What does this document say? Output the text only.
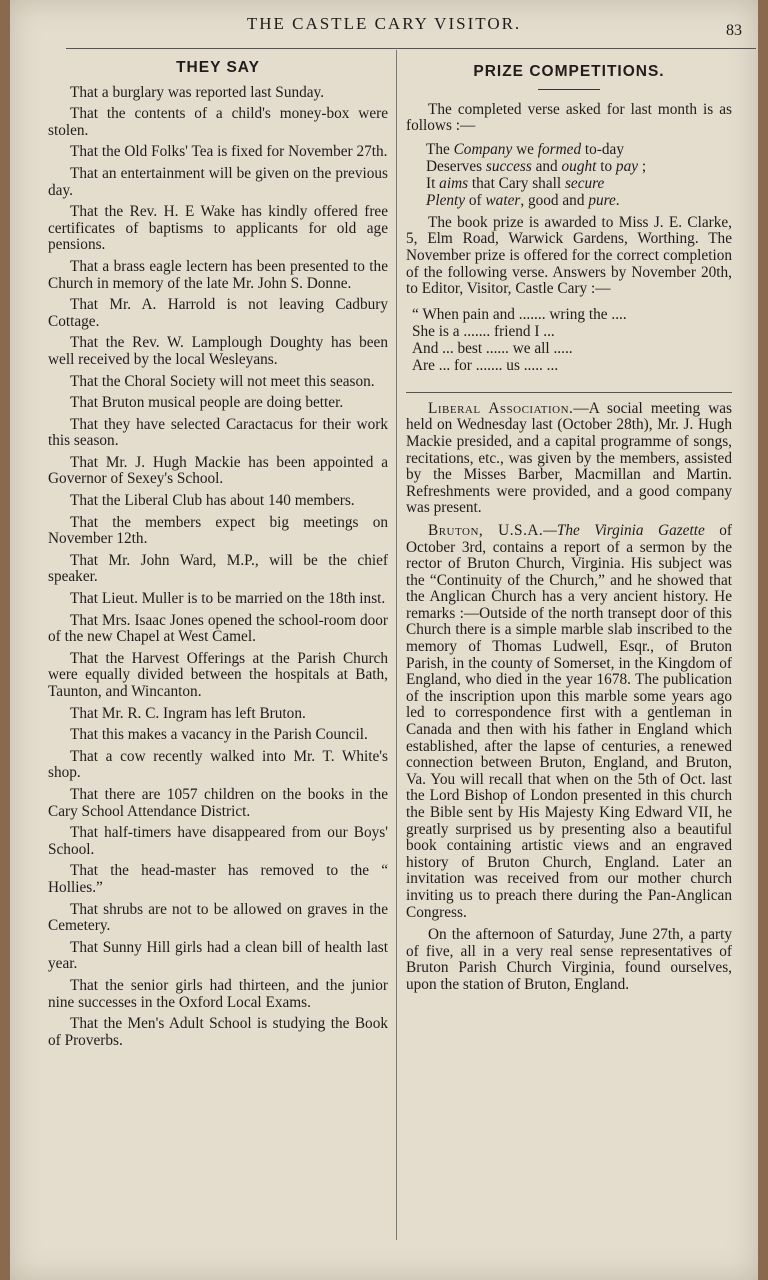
THE CASTLE CARY VISITOR.	83
THEY SAY

That a burglary was reported last Sunday.

That the contents of a child's money-box were stolen.

That the Old Folks' Tea is fixed for November 27th.

That an entertainment will be given on the previous day.

That the Rev. H. E Wake has kindly offered free certificates of baptisms to applicants for old age pensions.

That a brass eagle lectern has been presented to the Church in memory of the late Mr. John S. Donne.

That Mr. A. Harrold is not leaving Cadbury Cottage.

That the Rev. W. Lamplough Doughty has been well received by the local Wesleyans.

That the Choral Society will not meet this season.

That Bruton musical people are doing better.

That they have selected Caractacus for their work this season.

That Mr. J. Hugh Mackie has been appointed a Governor of Sexey's School.

That the Liberal Club has about 140 members.

That the members expect big meetings on November 12th.

That Mr. John Ward, M.P., will be the chief speaker.

That Lieut. Muller is to be married on the 18th inst.

That Mrs. Isaac Jones opened the school-room door of the new Chapel at West Camel.

That the Harvest Offerings at the Parish Church were equally divided between the hospitals at Bath, Taunton, and Wincanton.

That Mr. R. C. Ingram has left Bruton.

That this makes a vacancy in the Parish Council.

That a cow recently walked into Mr. T. White's shop.

That there are 1057 children on the books in the Cary School Attendance District.

That half-timers have disappeared from our Boys' School.

That the head-master has removed to the “ Hollies.”

That shrubs are not to be allowed on graves in the Cemetery.

That Sunny Hill girls had a clean bill of health last year.

That the senior girls had thirteen, and the junior nine successes in the Oxford Local Exams.

That the Men's Adult School is studying the Book of Proverbs.

PRIZE COMPETITIONS.

The completed verse asked for last month is as follows :—

The Company we formed to-day
Deserves success and ought to pay ;
It aims that Cary shall secure
Plenty of water, good and pure.

The book prize is awarded to Miss J. E. Clarke, 5, Elm Road, Warwick Gardens, Worthing. The November prize is offered for the correct completion of the following verse. Answers by November 20th, to Editor, Visitor, Castle Cary :—

“ When pain and ....... wring the ....
She is a ....... friend I ...
And ... best ...... we all .....
Are ... for ....... us ..... ...

Liberal Association.—A social meeting was held on Wednesday last (October 28th), Mr. J. Hugh Mackie presided, and a capital programme of songs, recitations, etc., was given by the members, assisted by the Misses Barber, Macmillan and Martin. Refreshments were provided, and a good company was present.

Bruton, U.S.A.—The Virginia Gazette of October 3rd, contains a report of a sermon by the rector of Bruton Church, Virginia. His subject was the “Continuity of the Church,” and he showed that the Anglican Church has a very ancient history. He remarks :—Outside of the north transept door of this Church there is a simple marble slab inscribed to the memory of Thomas Ludwell, Esqr., of Bruton Parish, in the county of Somerset, in the Kingdom of England, who died in the year 1678. The publication of the inscription upon this marble some years ago led to correspondence first with a gentleman in Canada and then with his father in England which established, after the lapse of centuries, a renewed connection between Bruton, England, and Bruton, Va. You will recall that when on the 5th of Oct. last the Lord Bishop of London presented in this church the Bible sent by His Majesty King Edward VII, he greatly surprised us by presenting also a beautiful book containing artistic views and an engraved history of Bruton Church, England. Later an invitation was received from our mother church inviting us to preach there during the Pan-Anglican Congress.

On the afternoon of Saturday, June 27th, a party of five, all in a very real sense representatives of Bruton Parish Church Virginia, found ourselves, upon the station of Bruton, England.
